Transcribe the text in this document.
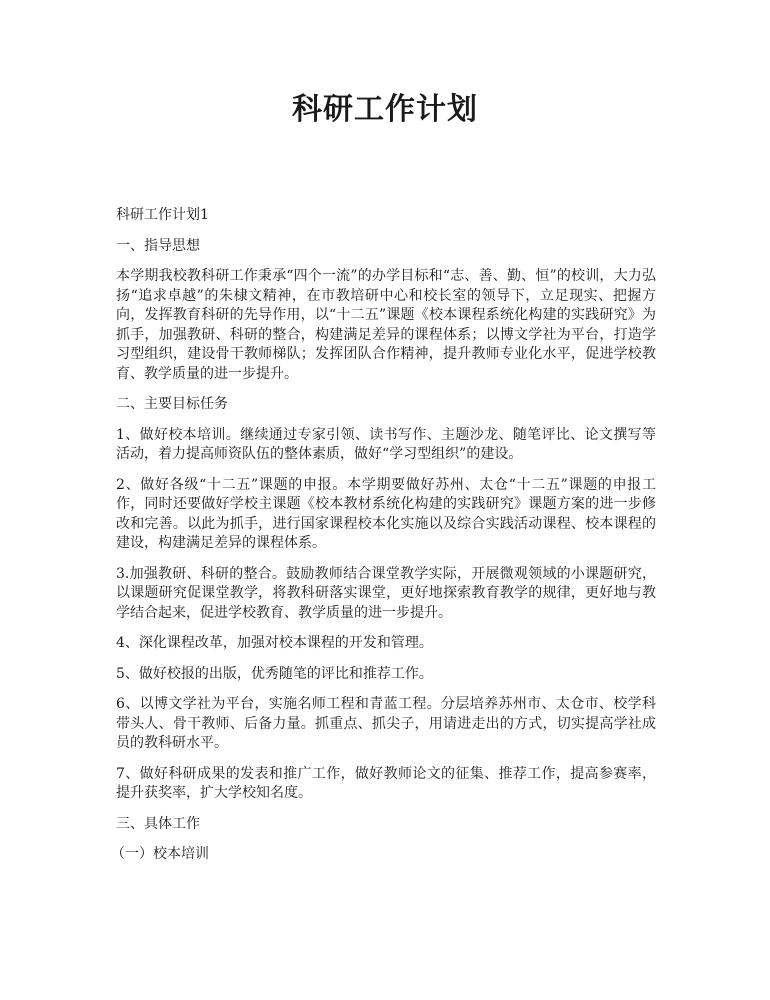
科研工作计划

科研工作计划1

一、指导思想

本学期我校教科研工作秉承“四个一流”的办学目标和“志、善、勤、恒”的校训，大力弘扬“追求卓越”的朱棣文精神，在市教培研中心和校长室的领导下，立足现实、把握方向，发挥教育科研的先导作用，以“十二五”课题《校本课程系统化构建的实践研究》为抓手，加强教研、科研的整合，构建满足差异的课程体系；以博文学社为平台，打造学习型组织，建设骨干教师梯队；发挥团队合作精神，提升教师专业化水平，促进学校教育、教学质量的进一步提升。

二、主要目标任务

1、做好校本培训。继续通过专家引领、读书写作、主题沙龙、随笔评比、论文撰写等活动，着力提高师资队伍的整体素质，做好“学习型组织”的建设。

2、做好各级“十二五”课题的申报。本学期要做好苏州、太仓“十二五”课题的申报工作，同时还要做好学校主课题《校本教材系统化构建的实践研究》课题方案的进一步修改和完善。以此为抓手，进行国家课程校本化实施以及综合实践活动课程、校本课程的建设，构建满足差异的课程体系。

3.加强教研、科研的整合。鼓励教师结合课堂教学实际，开展微观领域的小课题研究，以课题研究促课堂教学，将教科研落实课堂，更好地探索教育教学的规律，更好地与教学结合起来，促进学校教育、教学质量的进一步提升。

4、深化课程改革，加强对校本课程的开发和管理。

5、做好校报的出版，优秀随笔的评比和推荐工作。

6、以博文学社为平台，实施名师工程和青蓝工程。分层培养苏州市、太仓市、校学科带头人、骨干教师、后备力量。抓重点、抓尖子，用请进走出的方式，切实提高学社成员的教科研水平。

7、做好科研成果的发表和推广工作，做好教师论文的征集、推荐工作，提高参赛率，提升获奖率，扩大学校知名度。

三、具体工作

（一）校本培训
